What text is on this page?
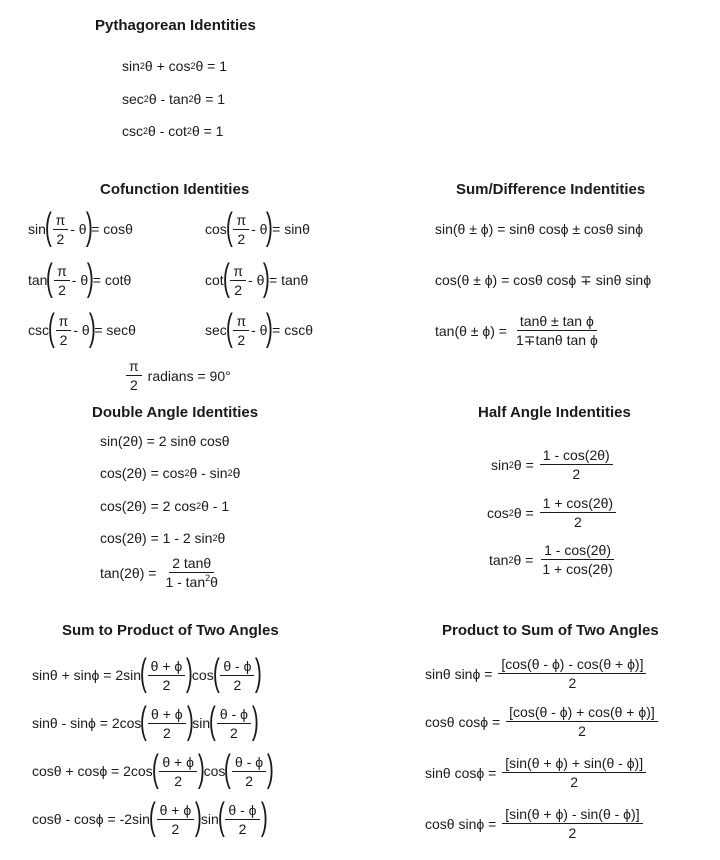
Pythagorean Identities
sin 2 θ + cos 2 θ = 1
sec 2 θ - tan 2 θ = 1
csc 2 θ - cot 2 θ = 1
Cofunction Identities
sin
( $\frac{\pi}{2}$ - θ
)
= cosθ	cos
( $\frac{\pi}{2}$ - θ
)
= sinθ
tan
( $\frac{\pi}{2}$ - θ
)
= cotθ	cot
( $\frac{\pi}{2}$ - θ
)
= tanθ
csc
( $\frac{\pi}{2}$ - θ
)
= secθ	sec
( $\frac{\pi}{2}$ - θ
)
= cscθ
$\frac{\pi}{2}$ radians = 90°
Sum/Difference Indentities
sin(θ ± ϕ) = sinθ cosϕ ± cosθ sinϕ
cos(θ ± ϕ) = cosθ cosϕ ∓ sinθ sinϕ
$\tan(\theta \pm \phi) = \frac{\text{tanθ ± tan ϕ}}{\text{1∓tanθ tan ϕ}}$
Double Angle Identities
sin(2θ) = 2 sinθ cosθ
cos(2θ) = cos 2 θ - sin 2 θ
cos(2θ) = 2 cos 2 θ - 1
cos(2θ) = 1 - 2 sin 2 θ
$\tan(2\theta) = \frac{2 \tan\theta}{1 - \tan^2\theta}$
Half Angle Indentities
sin 2 $\theta = \frac{1 - \cos(2\theta)}{2}$
cos 2 $\theta = \frac{1 + \cos(2\theta)}{2}$
tan 2 $\theta = \frac{1 - \cos(2\theta)}{1 + \cos(2\theta)}$
Sum to Product of Two Angles
sinθ + sinϕ = 2sin
( $\frac{\theta + \phi}{2}$ )
cos
( $\frac{\theta - \phi}{2}$ )
sinθ - sinϕ = 2cos
( $\frac{\theta + \phi}{2}$ )
sin
( $\frac{\theta - \phi}{2}$ )
cosθ + cosϕ = 2cos
( $\frac{\theta + \phi}{2}$ )
cos
( $\frac{\theta - \phi}{2}$ )
cosθ - cosϕ = -2sin
( $\frac{\theta + \phi}{2}$ )
sin
( $\frac{\theta - \phi}{2}$ )
Product to Sum of Two Angles
sinθ $\sin\phi = \frac{[\cos(\theta - \phi) - \cos(\theta + \phi)]}{2}$
cosθ $\cos\phi = \frac{[\cos(\theta - \phi) + \cos(\theta + \phi)]}{2}$
sinθ $\cos\phi = \frac{[\sin(\theta + \phi) + \sin(\theta - \phi)]}{2}$
cosθ $\sin\phi = \frac{[\sin(\theta + \phi) - \sin(\theta - \phi)]}{2}$
